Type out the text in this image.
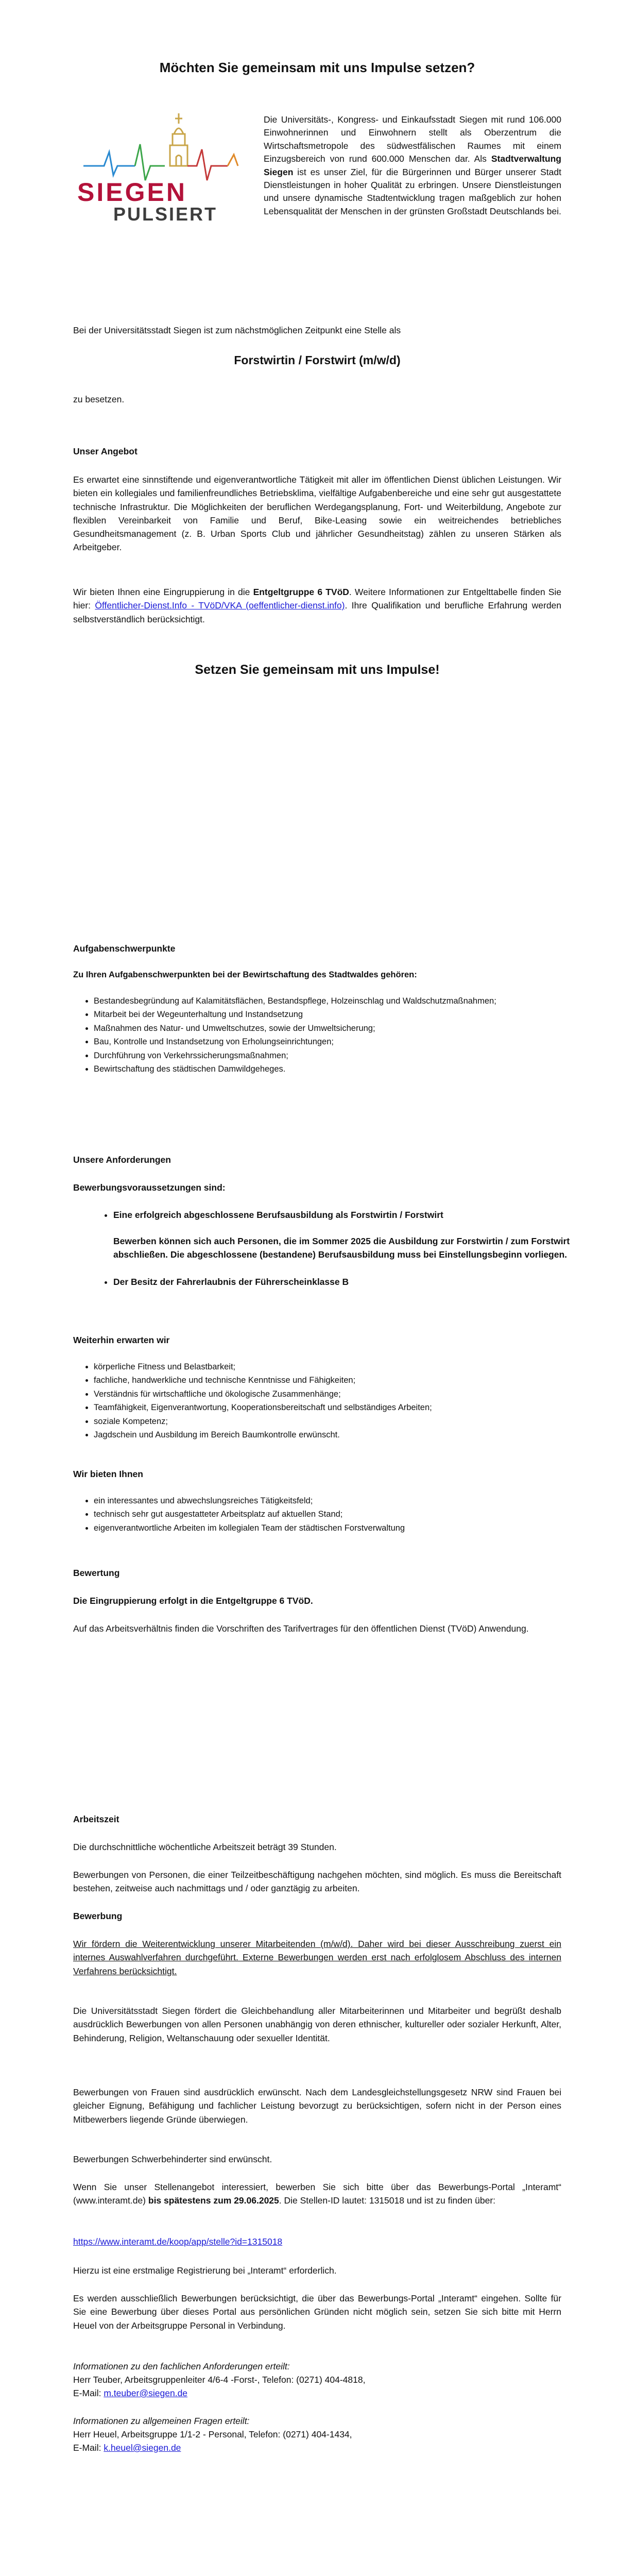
Möchten Sie gemeinsam mit uns Impulse setzen?
SIEGEN
PULSIERT
Die Universitäts-, Kongress- und Einkaufsstadt Siegen mit rund 106.000 Einwohnerinnen und Einwohnern stellt als Oberzentrum die Wirtschaftsmetropole des südwestfälischen Raumes mit einem Einzugsbereich von rund 600.000 Menschen dar. Als Stadtverwaltung Siegen ist es unser Ziel, für die Bürgerinnen und Bürger unserer Stadt Dienstleistungen in hoher Qualität zu erbringen. Unsere Dienstleistungen und unsere dynamische Stadtentwicklung tragen maßgeblich zur hohen Lebensqualität der Menschen in der grünsten Großstadt Deutschlands bei.

Bei der Universitätsstadt Siegen ist zum nächstmöglichen Zeitpunkt eine Stelle als

Forstwirtin / Forstwirt (m/w/d)

zu besetzen.

Unser Angebot

Es erwartet eine sinnstiftende und eigenverantwortliche Tätigkeit mit aller im öffentlichen Dienst üblichen Leistungen. Wir bieten ein kollegiales und familienfreundliches Betriebsklima, vielfältige Aufgabenbereiche und eine sehr gut ausgestattete technische Infrastruktur. Die Möglichkeiten der beruflichen Werdegangsplanung, Fort- und Weiterbildung, Angebote zur flexiblen Vereinbarkeit von Familie und Beruf, Bike-Leasing sowie ein weitreichendes betriebliches Gesundheitsmanagement (z. B. Urban Sports Club und jährlicher Gesundheitstag) zählen zu unseren Stärken als Arbeitgeber.

Wir bieten Ihnen eine Eingruppierung in die Entgeltgruppe 6 TVöD. Weitere Informationen zur Entgelttabelle finden Sie hier: Öffentlicher-Dienst.Info - TVöD/VKA (oeffentlicher-dienst.info). Ihre Qualifikation und berufliche Erfahrung werden selbstverständlich berücksichtigt.

Setzen Sie gemeinsam mit uns Impulse!
Aufgabenschwerpunkte
Zu Ihren Aufgabenschwerpunkten bei der Bewirtschaftung des Stadtwaldes gehören:
• Bestandesbegründung auf Kalamitätsflächen, Bestandspflege, Holzeinschlag und Waldschutzmaßnahmen;
• Mitarbeit bei der Wegeunterhaltung und Instandsetzung
• Maßnahmen des Natur- und Umweltschutzes, sowie der Umweltsicherung;
• Bau, Kontrolle und Instandsetzung von Erholungseinrichtungen;
• Durchführung von Verkehrssicherungsmaßnahmen;
• Bewirtschaftung des städtischen Damwildgeheges.
Unsere Anforderungen
Bewerbungsvoraussetzungen sind:
• Eine erfolgreich abgeschlossene Berufsausbildung als Forstwirtin / Forstwirt
Bewerben können sich auch Personen, die im Sommer 2025 die Ausbildung zur Forstwirtin / zum Forstwirt abschließen. Die abgeschlossene (bestandene) Berufsausbildung muss bei Einstellungsbeginn vorliegen.
• Der Besitz der Fahrerlaubnis der Führerscheinklasse B
Weiterhin erwarten wir
• körperliche Fitness und Belastbarkeit;
• fachliche, handwerkliche und technische Kenntnisse und Fähigkeiten;
• Verständnis für wirtschaftliche und ökologische Zusammenhänge;
• Teamfähigkeit, Eigenverantwortung, Kooperationsbereitschaft und selbständiges Arbeiten;
• soziale Kompetenz;
• Jagdschein und Ausbildung im Bereich Baumkontrolle erwünscht.
Wir bieten Ihnen
• ein interessantes und abwechslungsreiches Tätigkeitsfeld;
• technisch sehr gut ausgestatteter Arbeitsplatz auf aktuellen Stand;
• eigenverantwortliche Arbeiten im kollegialen Team der städtischen Forstverwaltung
Bewertung
Die Eingruppierung erfolgt in die Entgeltgruppe 6 TVöD.

Auf das Arbeitsverhältnis finden die Vorschriften des Tarifvertrages für den öffentlichen Dienst (TVöD) Anwendung.

Arbeitszeit

Die durchschnittliche wöchentliche Arbeitszeit beträgt 39 Stunden.

Bewerbungen von Personen, die einer Teilzeitbeschäftigung nachgehen möchten, sind möglich. Es muss die Bereitschaft bestehen, zeitweise auch nachmittags und / oder ganztägig zu arbeiten.

Bewerbung

Wir fördern die Weiterentwicklung unserer Mitarbeitenden (m/w/d). Daher wird bei dieser Ausschreibung zuerst ein internes Auswahlverfahren durchgeführt. Externe Bewerbungen werden erst nach erfolglosem Abschluss des internen Verfahrens berücksichtigt.

Die Universitätsstadt Siegen fördert die Gleichbehandlung aller Mitarbeiterinnen und Mitarbeiter und begrüßt deshalb ausdrücklich Bewerbungen von allen Personen unabhängig von deren ethnischer, kultureller oder sozialer Herkunft, Alter, Behinderung, Religion, Weltanschauung oder sexueller Identität.

Bewerbungen von Frauen sind ausdrücklich erwünscht. Nach dem Landesgleichstellungsgesetz NRW sind Frauen bei gleicher Eignung, Befähigung und fachlicher Leistung bevorzugt zu berücksichtigen, sofern nicht in der Person eines Mitbewerbers liegende Gründe überwiegen.

Bewerbungen Schwerbehinderter sind erwünscht.

Wenn Sie unser Stellenangebot interessiert, bewerben Sie sich bitte über das Bewerbungs-Portal „Interamt“ (www.interamt.de) bis spätestens zum 29.06.2025. Die Stellen-ID lautet: 1315018 und ist zu finden über:

https://www.interamt.de/koop/app/stelle?id=1315018

Hierzu ist eine erstmalige Registrierung bei „Interamt“ erforderlich.

Es werden ausschließlich Bewerbungen berücksichtigt, die über das Bewerbungs-Portal „Interamt“ eingehen. Sollte für Sie eine Bewerbung über dieses Portal aus persönlichen Gründen nicht möglich sein, setzen Sie sich bitte mit Herrn Heuel von der Arbeitsgruppe Personal in Verbindung.

Informationen zu den fachlichen Anforderungen erteilt:

Herr Teuber, Arbeitsgruppenleiter 4/6-4 -Forst-, Telefon: (0271) 404-4818,

E-Mail: m.teuber@siegen.de

Informationen zu allgemeinen Fragen erteilt:

Herr Heuel, Arbeitsgruppe 1/1-2 - Personal, Telefon: (0271) 404-1434,

E-Mail: k.heuel@siegen.de
